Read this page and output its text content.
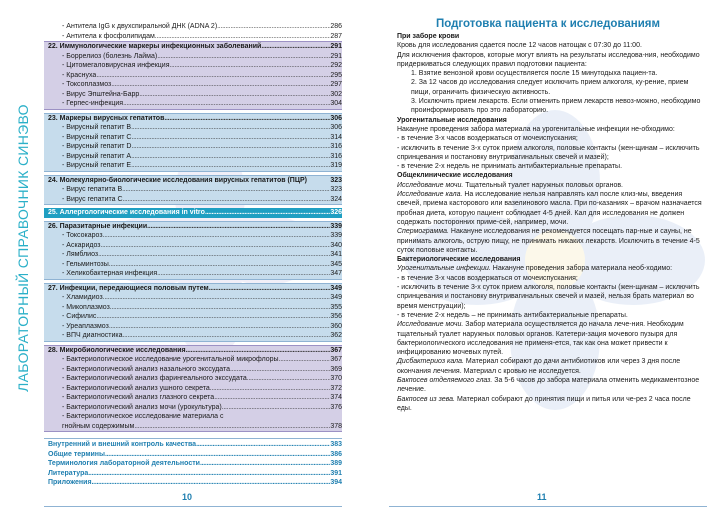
ЛАБОРАТОРНЫЙ СПРАВОЧНИК СИНЭВО
- Антитела IgG к двухспиральной ДНК (ADNA 2) .....	286
- Антитела к фосфолипидам .....	287
22. Иммунологические маркеры инфекционных заболеваний .....	291
- Боррелиоз (болезнь Лайма) .....	291
- Цитомегаловирусная инфекция .....	292
- Краснуха .....	295
- Токсоплазмоз .....	297
- Вирус Эпштейна-Барр .....	302
- Герпес-инфекция .....	304
23. Маркеры вирусных гепатитов .....	306
- Вирусный гепатит В .....	306
- Вирусный гепатит С .....	314
- Вирусный гепатит D .....	316
- Вирусный гепатит А .....	316
- Вирусный гепатит Е .....	319
24. Молекулярно-биологические исследования вирусных гепатитов (ПЦР)	323
- Вирус гепатита В .....	323
- Вирус гепатита С .....	324
25. Аллергологические исследования in vitro .....	326
26. Паразитарные инфекции .....	339
- Токсокароз .....	339
- Аскаридоз .....	340
- Лямблиоз .....	341
- Гельминтозы .....	345
- Хеликобактерная инфекция .....	347
27. Инфекции, передающиеся половым путем .....	349
- Хламидиоз .....	349
- Микоплазмоз .....	355
- Сифилис .....	356
- Уреаплазмоз .....	360
- ВПЧ диагностика .....	362
28. Микробиологические исследования .....	367
- Бактериологическое исследование урогенитальной микрофлоры .....	367
- Бактериологический анализ назального экссудата .....	369
- Бактериологический анализ фарингеального экссудата .....	370
- Бактериологический анализ ушного секрета .....	372
- Бактериологический анализ глазного секрета .....	374
- Бактериологический анализ мочи (урокультура) .....	376
- Бактериологическое исследование материала с
гнойным содержимым .....	378
Внутренний и внешний контроль качества .....	383
Общие термины .....	386
Терминология лабораторной деятельности .....	389
Литература .....	391
Приложения .....	394
10
Подготовка пациента к исследованиям

При заборе крови

Кровь для исследования сдается после 12 часов натощак с 07:30 до 11:00.

Для исключения факторов, которые могут влиять на результаты исследова-ния, необходимо придерживаться следующих правил подготовки пациента:

1. Взятие венозной крови осуществляется после 15 минутодыха пациен-та.

2. За 12 часов до исследования следует исключить прием алкоголя, ку-рение, прием пищи, ограничить физическую активность.

3. Исключить прием лекарств. Если отменить прием лекарств невоз-можно, необходимо проинформировать про это лабораторию.

Урогенитальные исследования

Накануне проведения забора материала на урогенитальные инфекции не-обходимо:

- в течение 3-х часов воздержаться от мочеиспускания;

- исключить в течение 3-х суток прием алкоголя, половые контакты (жен-щинам – исключить спринцевания и постановку внутривагинальных свечей и мазей);

- в течение 2-х недель не принимать антибактериальные препараты.

Общеклинические исследования

Исследование мочи. Тщательный туалет наружных половых органов.

Исследование кала. На исследование нельзя направлять кал после клиз-мы, введения свечей, приема касторового или вазелинового масла. При по-казаниях – врачом назначается пробная диета, которую пациент соблюдает 4-5 дней. Кал для исследования не должен содержать посторонних приме-сей, например, мочи.

Спермограмма. Накануне исследования не рекомендуется посещать пар-ные и сауны, не принимать алкоголь, острую пищу, не принимать никаких лекарств. Исключить в течение 4-5 суток половые контакты.

Бактериологические исследования

Урогенитальные инфекции. Накануне проведения забора материала необ-ходимо:

- в течение 3-х часов воздержаться от мочеиспускания;

- исключить в течение 3-х суток прием алкоголя, половые контакты (жен-щинам – исключить спринцевания и постановку внутривагинальных свечей и мазей, нельзя брать материал во время менструации);

- в течение 2-х недель – не принимать антибактериальные препараты.

Исследование мочи. Забор материала осуществляется до начала лече-ния. Необходим тщательный туалет наружных половых органов. Катетери-зация мочевого пузыря для бактериологического исследования не применя-ется, так как она может привести к инфицированию мочевых путей.

Дисбактериоз кала. Материал собирают до дачи антибиотиков или через 3 дня после окончания лечения. Материал с кровью не исследуется.

Бакпосев отделяемого глаз. За 5-6 часов до забора материала отменить медикаментозное лечение.

Бакпосев из зева. Материал собирают до принятия пищи и питья или че-рез 2 часа после еды.

11
